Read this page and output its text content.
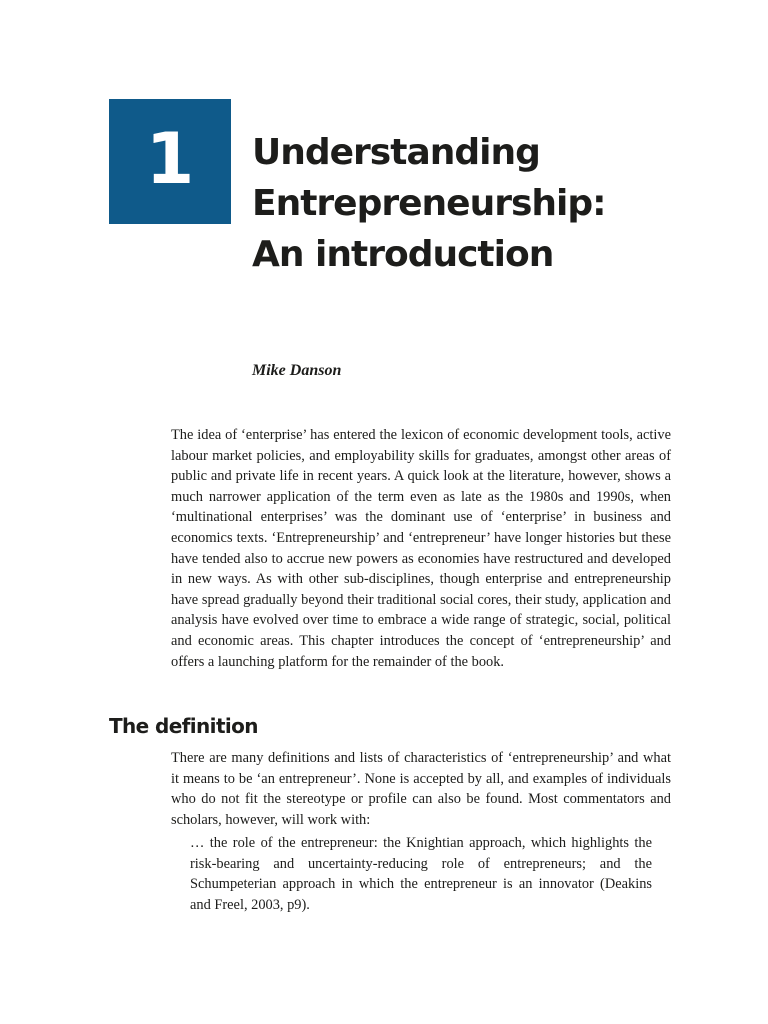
1 Understanding
Entrepreneurship:
An introduction
Mike Danson

The idea of ‘enterprise’ has entered the lexicon of economic development tools, active labour market policies, and employability skills for graduates, amongst other areas of public and private life in recent years. A quick look at the literature, however, shows a much narrower application of the term even as late as the 1980s and 1990s, when ‘multinational enterprises’ was the dominant use of ‘enterprise’ in business and economics texts. ‘Entrepreneurship’ and ‘entrepreneur’ have longer histories but these have tended also to accrue new powers as economies have restructured and developed in new ways. As with other sub-disciplines, though enterprise and entrepreneurship have spread gradually beyond their traditional social cores, their study, application and analysis have evolved over time to embrace a wide range of strategic, social, political and economic areas. This chapter introduces the concept of ‘entrepreneurship’ and offers a launching platform for the remainder of the book.

The definition

There are many definitions and lists of characteristics of ‘entrepreneurship’ and what it means to be ‘an entrepreneur’. None is accepted by all, and examples of individuals who do not fit the stereotype or profile can also be found. Most commentators and scholars, however, will work with:

… the role of the entrepreneur: the Knightian approach, which highlights the risk-bearing and uncertainty-reducing role of entrepreneurs; and the Schumpeterian approach in which the entrepreneur is an innovator (Deakins and Freel, 2003, p9).
